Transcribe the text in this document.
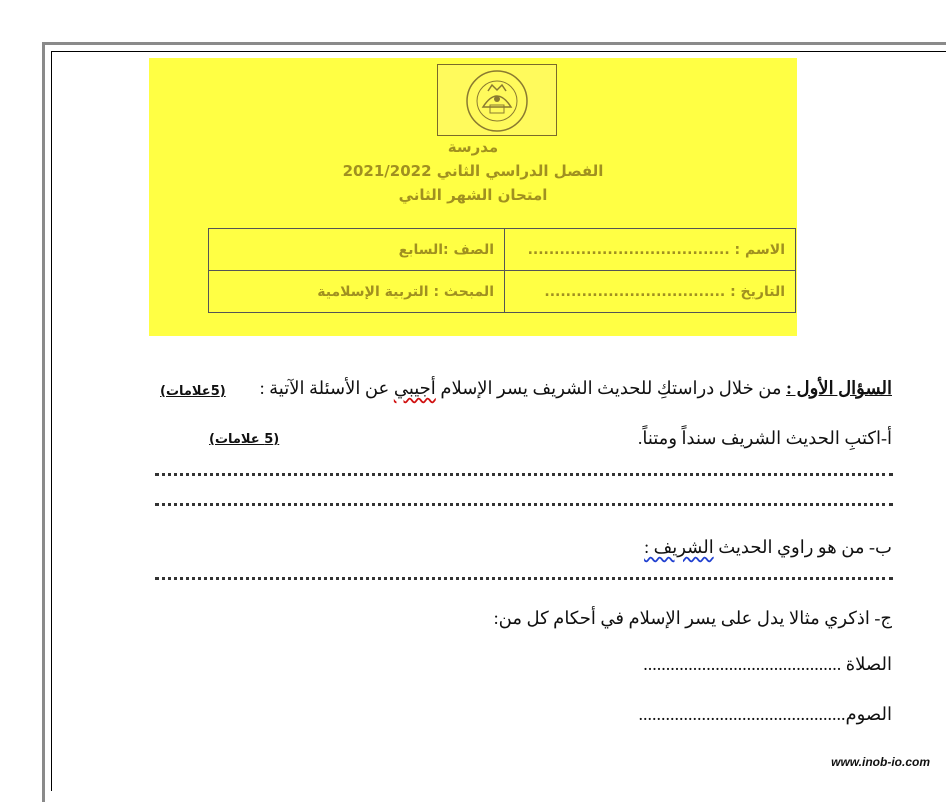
مدرسة
الفصل الدراسي الثاني 2021/2022
امتحان الشهر الثاني
الاسم : ......................................	الصف :السابع
التاريخ : ..................................	المبحث : التربية الإسلامية
السؤال الأول : من خلال دراستكِ للحديث الشريف يسر الإسلام أجيبي عن الأسئلة الآتية :
(5علامات)
أ-اكتبِ الحديث الشريف سنداً ومتناً.
(5 علامات)
ب- من هو راوي الحديث الشريف :
ج- اذكري مثالا يدل على يسر الإسلام في أحكام كل من:
الصلاة ............................................
الصوم..............................................
www.inob-io.com
